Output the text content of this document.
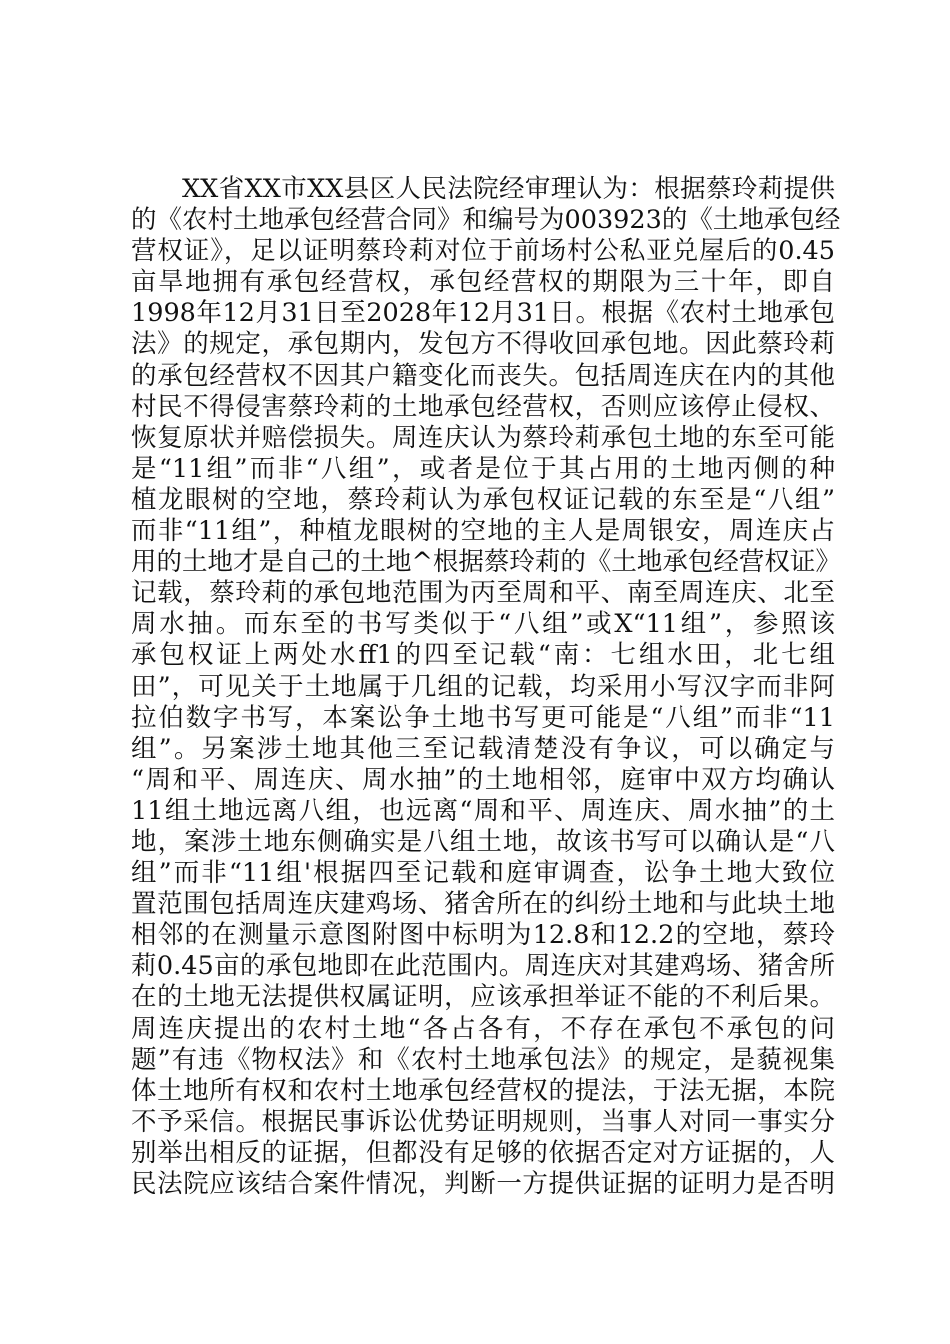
XX省XX市XX县区人民法院经审理认为：根据蔡玲莉提供
的《农村土地承包经营合同》和编号为003923的《土地承包经
营权证》，足以证明蔡玲莉对位于前场村公私亚兑屋后的0.45
亩旱地拥有承包经营权，承包经营权的期限为三十年，即自
1998年12月31日至2028年12月31日。根据《农村土地承包
法》的规定，承包期内，发包方不得收回承包地。因此蔡玲莉
的承包经营权不因其户籍变化而丧失。包括周连庆在内的其他
村民不得侵害蔡玲莉的土地承包经营权，否则应该停止侵权、
恢复原状并赔偿损失。周连庆认为蔡玲莉承包土地的东至可能
是“11组”而非“八组”，或者是位于其占用的土地丙侧的种
植龙眼树的空地，蔡玲莉认为承包权证记载的东至是“八组”
而非“11组”，种植龙眼树的空地的主人是周银安，周连庆占
用的土地才是自己的土地^根据蔡玲莉的《土地承包经营权证》
记载，蔡玲莉的承包地范围为丙至周和平、南至周连庆、北至
周水抽。而东至的书写类似于“八组”或X“11组”，参照该
承包权证上两处水ff1的四至记载“南：七组水田，北七组
田”，可见关于土地属于几组的记载，均采用小写汉字而非阿
拉伯数字书写，本案讼争土地书写更可能是“八组”而非“11
组”。另案涉土地其他三至记载清楚没有争议，可以确定与
“周和平、周连庆、周水抽”的土地相邻，庭审中双方均确认
11组土地远离八组，也远离“周和平、周连庆、周水抽”的土
地，案涉土地东侧确实是八组土地，故该书写可以确认是“八
组”而非“11组'根据四至记载和庭审调查，讼争土地大致位
置范围包括周连庆建鸡场、猪舍所在的纠纷土地和与此块土地
相邻的在测量示意图附图中标明为12.8和12.2的空地，蔡玲
莉0.45亩的承包地即在此范围内。周连庆对其建鸡场、猪舍所
在的土地无法提供权属证明，应该承担举证不能的不利后果。
周连庆提出的农村土地“各占各有，不存在承包不承包的问
题”有违《物权法》和《农村土地承包法》的规定，是藐视集
体土地所有权和农村土地承包经营权的提法，于法无据，本院
不予采信。根据民事诉讼优势证明规则，当事人对同一事实分
别举出相反的证据，但都没有足够的依据否定对方证据的，人
民法院应该结合案件情况，判断一方提供证据的证明力是否明
